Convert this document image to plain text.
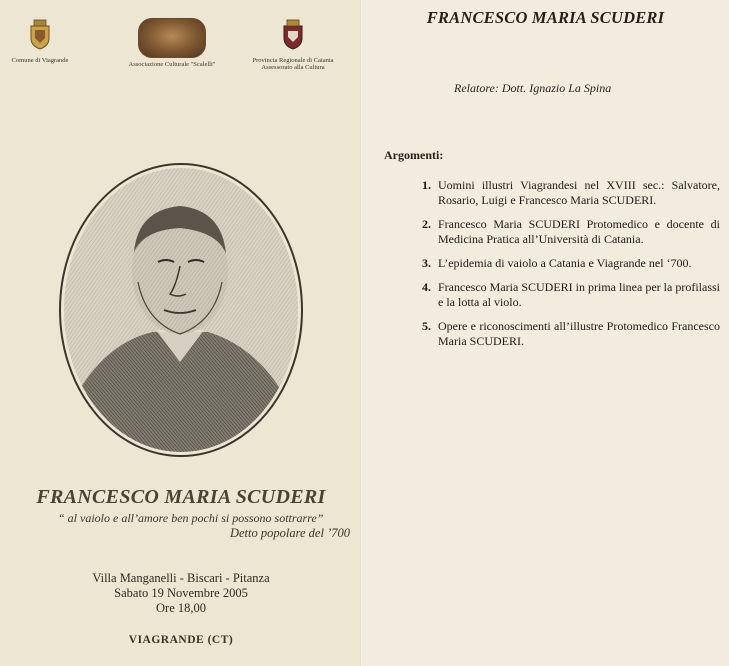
Comune di Viagrande
Associazione Culturale "Scalelli"
Provincia Regionale di Catania Assessorato alla Cultura
FRANCESCO MARIA SCUDERI
“ al vaiolo e all’amore ben pochi si possono sottrarre”
Detto popolare del ’700
Villa Manganelli - Biscari - Pitanza
Sabato 19 Novembre 2005
Ore 18,00
VIAGRANDE (CT)
FRANCESCO MARIA SCUDERI
Relatore: Dott. Ignazio La Spina
Argomenti:
1. Uomini illustri Viagrandesi nel XVIII sec.: Salvatore, Rosario, Luigi e Francesco Maria SCUDERI.
2. Francesco Maria SCUDERI Protomedico e docente di Medicina Pratica all’Università di Catania.
3. L’epidemia di vaiolo a Catania e Viagrande nel ‘700.
4. Francesco Maria SCUDERI in prima linea per la profilassi e la lotta al violo.
5. Opere e riconoscimenti all’illustre Protomedico Francesco Maria SCUDERI.
